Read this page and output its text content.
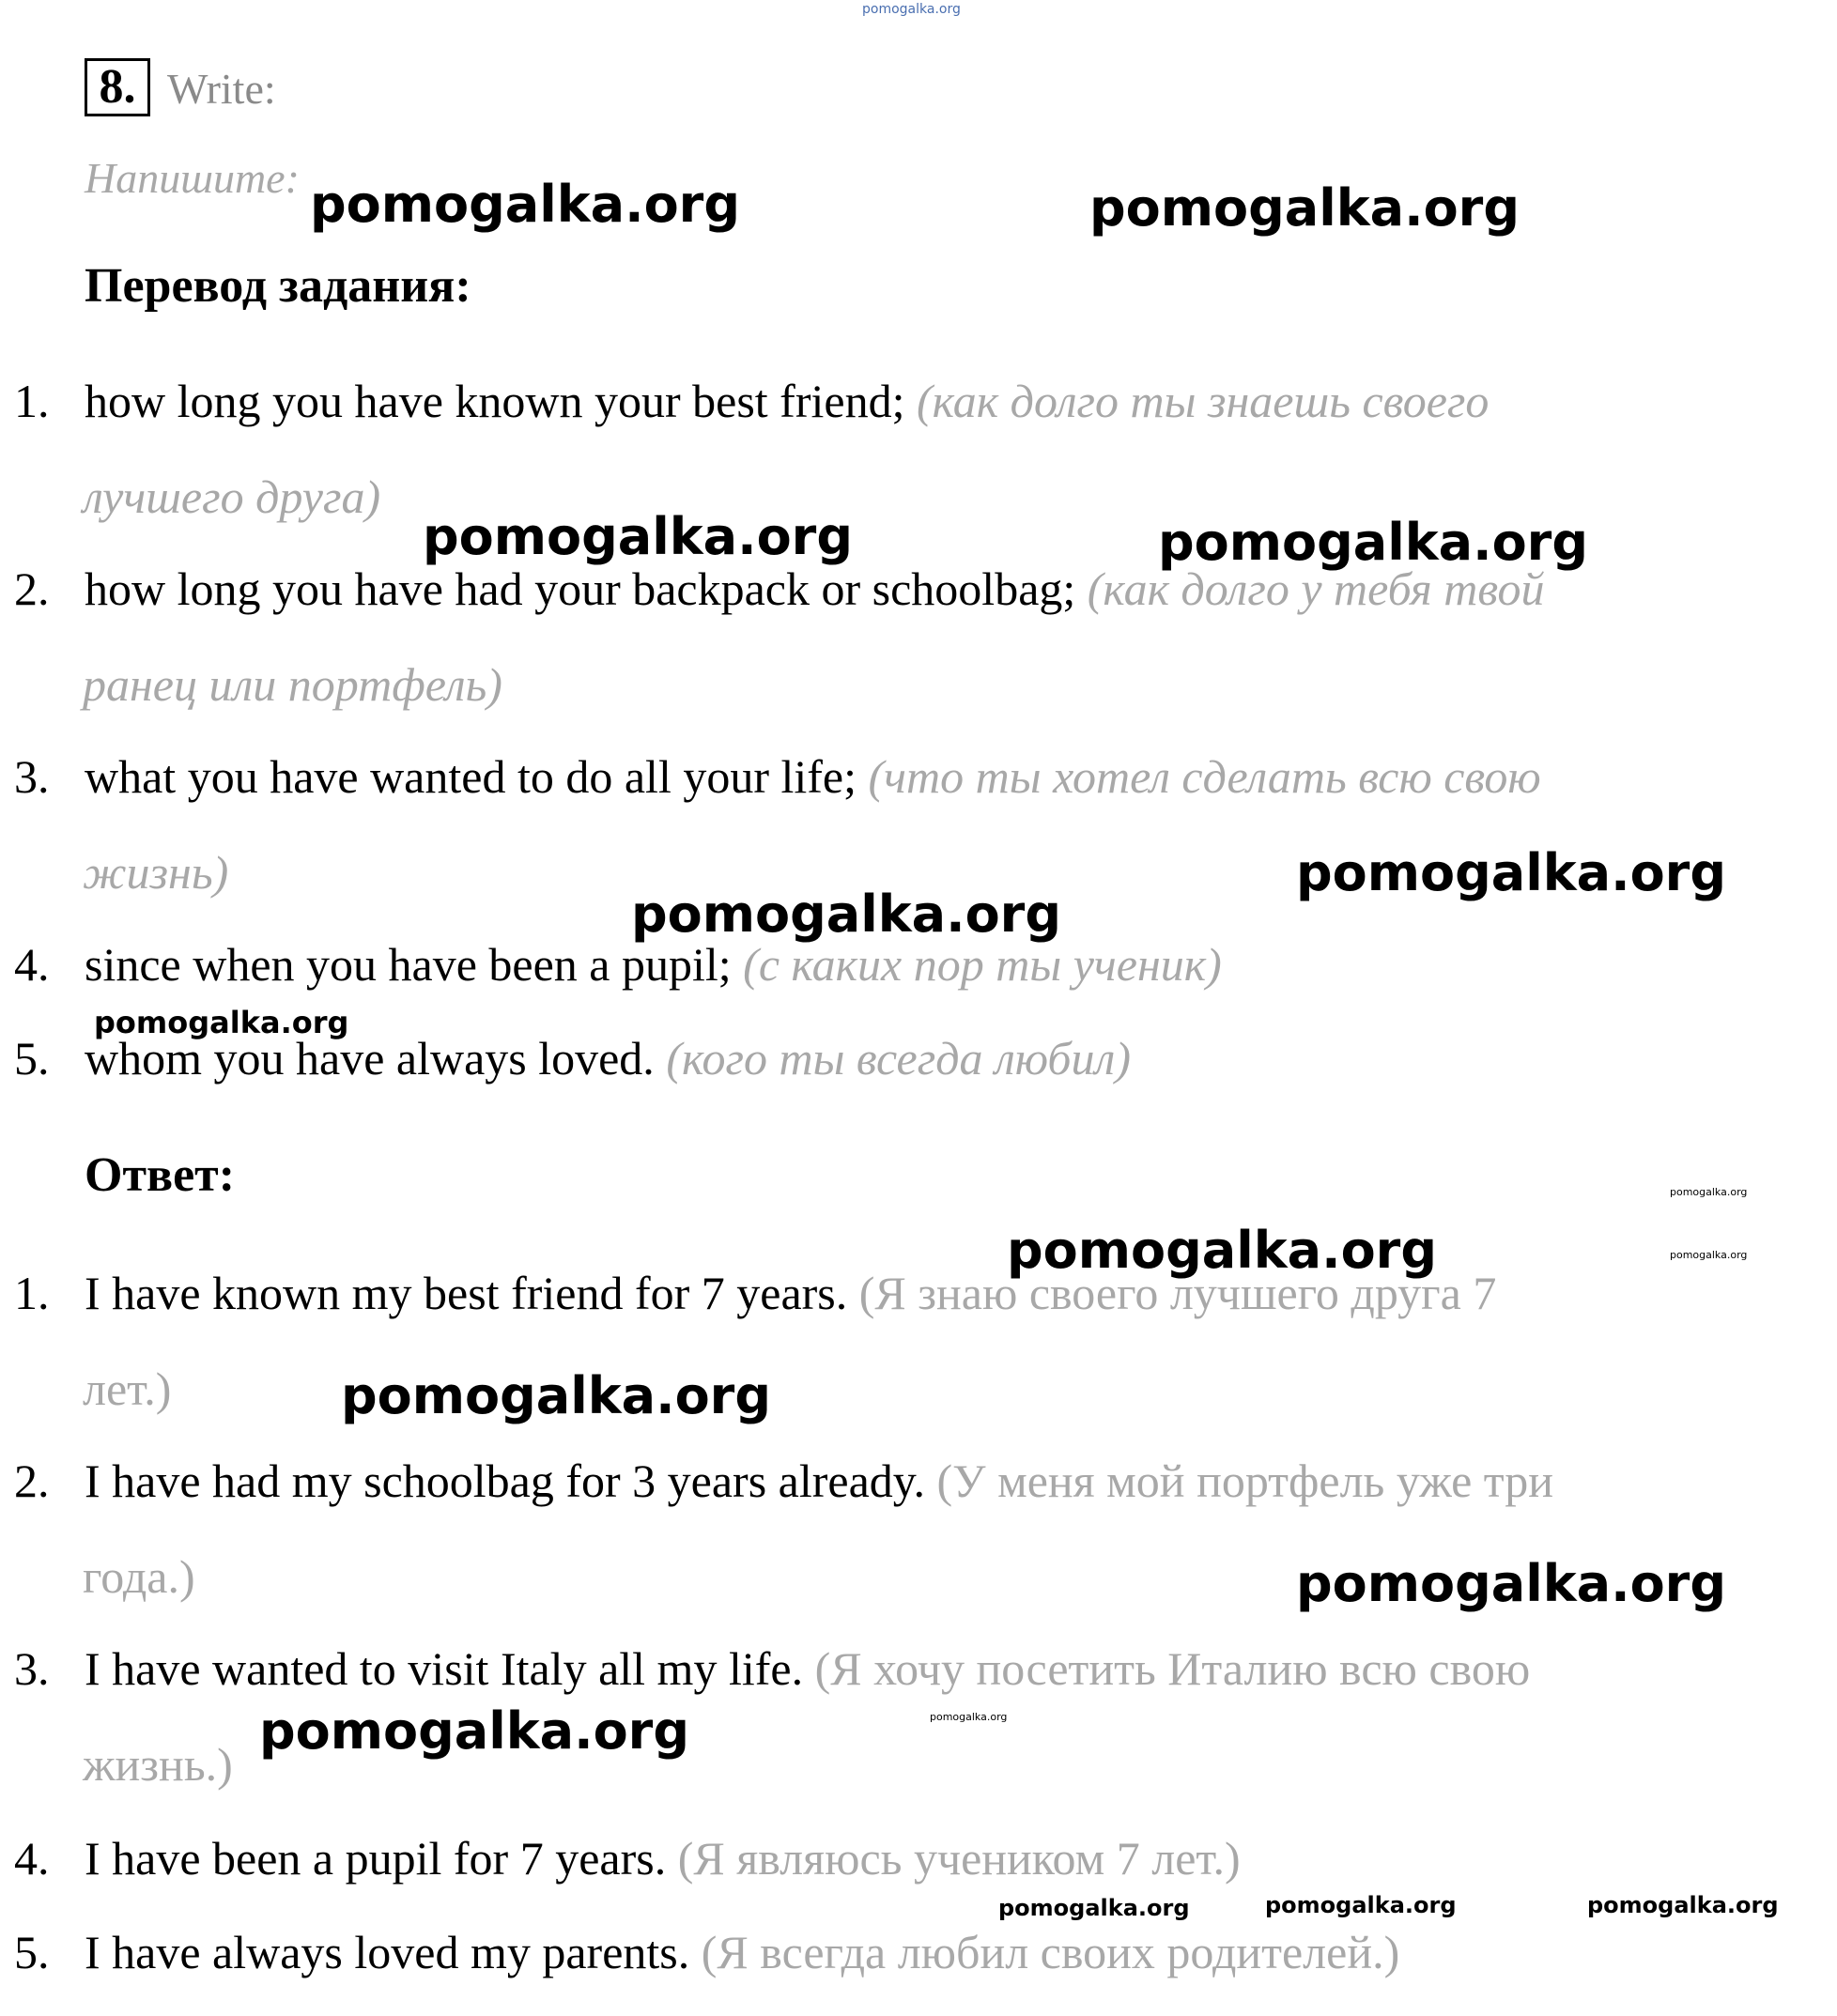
pomogalka.org
8. Write:
Напишите:
Перевод задания:
1. how long you have known your best friend; (как долго ты знаешь своего
лучшего друга)
2. how long you have had your backpack or schoolbag; (как долго у тебя твой
ранец или портфель)
3. what you have wanted to do all your life; (что ты хотел сделать всю свою
жизнь)
4. since when you have been a pupil; (с каких пор ты ученик)
5. whom you have always loved. (кого ты всегда любил)
Ответ:
1. I have known my best friend for 7 years. (Я знаю своего лучшего друга 7
лет.)
2. I have had my schoolbag for 3 years already. (У меня мой портфель уже три
года.)
3. I have wanted to visit Italy all my life. (Я хочу посетить Италию всю свою
жизнь.)
4. I have been a pupil for 7 years. (Я являюсь учеником 7 лет.)
5. I have always loved my parents. (Я всегда любил своих родителей.)
pomogalka.org	pomogalka.org
pomogalka.org	pomogalka.org
pomogalka.org
pomogalka.org
pomogalka.org
pomogalka.org
pomogalka.org
pomogalka.org
pomogalka.org
pomogalka.org
pomogalka.org
pomogalka.org
pomogalka.org	pomogalka.org	pomogalka.org
